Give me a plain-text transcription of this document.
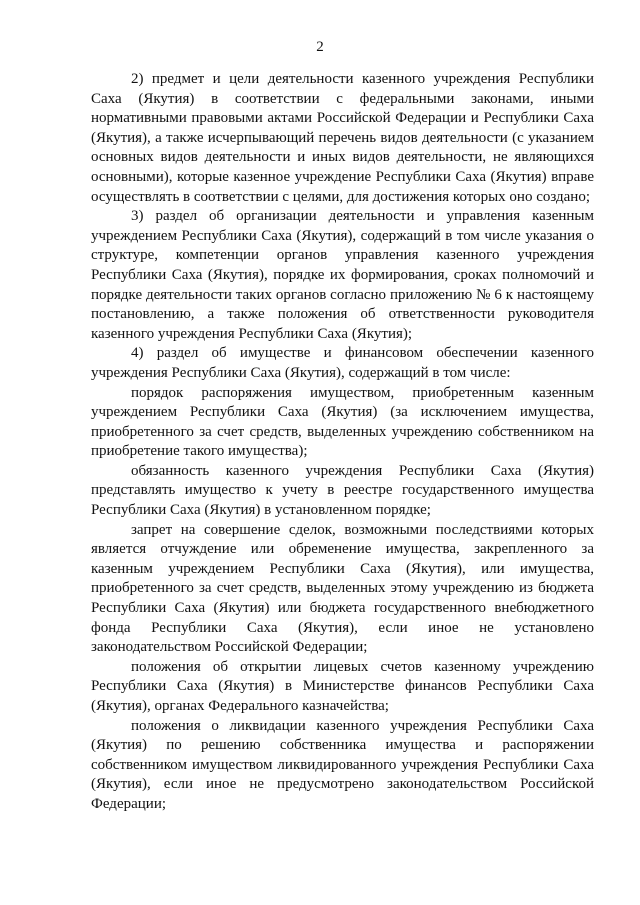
2

2) предмет и цели деятельности казенного учреждения Республики Саха (Якутия) в соответствии с федеральными законами, иными нормативными правовыми актами Российской Федерации и Республики Саха (Якутия), а также исчерпывающий перечень видов деятельности (с указанием основных видов деятельности и иных видов деятельности, не являющихся основными), которые казенное учреждение Республики Саха (Якутия) вправе осуществлять в соответствии с целями, для достижения которых оно создано;

3) раздел об организации деятельности и управления казенным учреждением Республики Саха (Якутия), содержащий в том числе указания о структуре, компетенции органов управления казенного учреждения Республики Саха (Якутия), порядке их формирования, сроках полномочий и порядке деятельности таких органов согласно приложению № 6 к настоящему постановлению, а также положения об ответственности руководителя казенного учреждения Республики Саха (Якутия);

4) раздел об имуществе и финансовом обеспечении казенного учреждения Республики Саха (Якутия), содержащий в том числе:

порядок распоряжения имуществом, приобретенным казенным учреждением Республики Саха (Якутия) (за исключением имущества, приобретенного за счет средств, выделенных учреждению собственником на приобретение такого имущества);

обязанность казенного учреждения Республики Саха (Якутия) представлять имущество к учету в реестре государственного имущества Республики Саха (Якутия) в установленном порядке;

запрет на совершение сделок, возможными последствиями которых является отчуждение или обременение имущества, закрепленного за казенным учреждением Республики Саха (Якутия), или имущества, приобретенного за счет средств, выделенных этому учреждению из бюджета Республики Саха (Якутия) или бюджета государственного внебюджетного фонда Республики Саха (Якутия), если иное не установлено законодательством Российской Федерации;

положения об открытии лицевых счетов казенному учреждению Республики Саха (Якутия) в Министерстве финансов Республики Саха (Якутия), органах Федерального казначейства;

положения о ликвидации казенного учреждения Республики Саха (Якутия) по решению собственника имущества и распоряжении собственником имуществом ликвидированного учреждения Республики Саха (Якутия), если иное не предусмотрено законодательством Российской Федерации;
